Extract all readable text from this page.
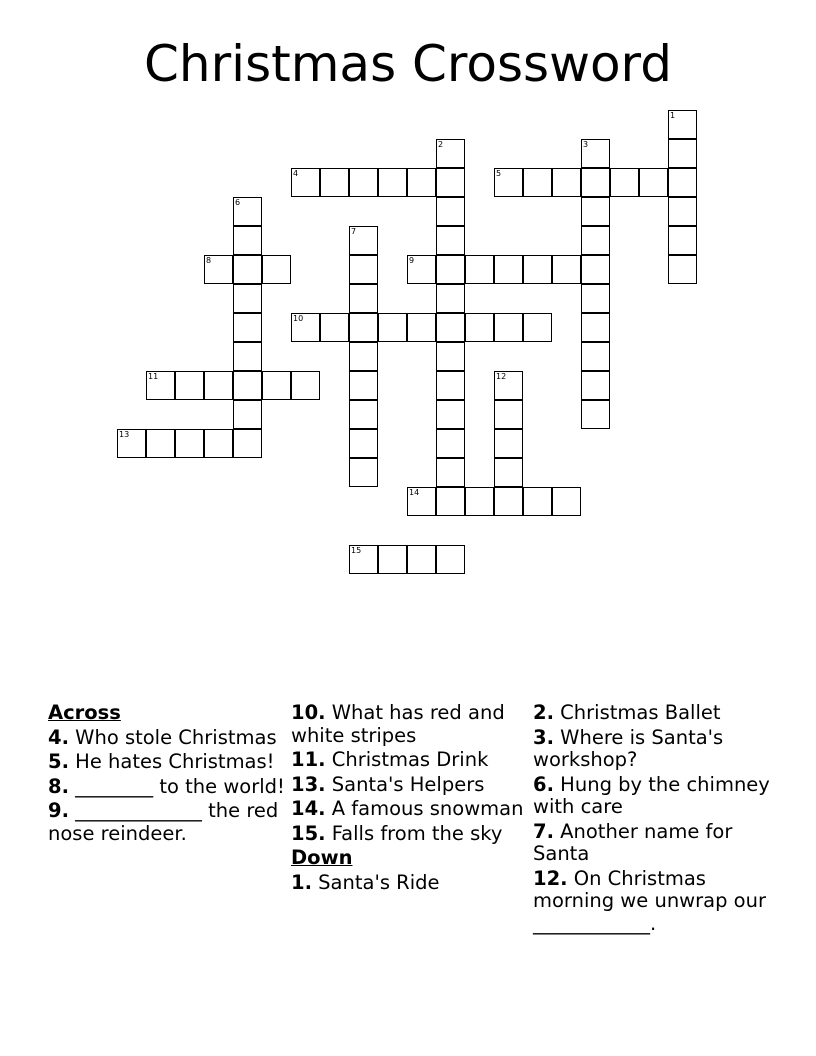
Christmas Crossword
1
2	3
4	5
6
7
8	9
10
11	12
13
14
15
Across
4. Who stole Christmas
5. He hates Christmas!
8. ________ to the world!
9. _____________ the red nose reindeer.
10. What has red and white stripes
11. Christmas Drink
13. Santa's Helpers
14. A famous snowman
15. Falls from the sky
Down
1. Santa's Ride
2. Christmas Ballet
3. Where is Santa's workshop?
6. Hung by the chimney with care
7. Another name for Santa
12. On Christmas morning we unwrap our ____________.
